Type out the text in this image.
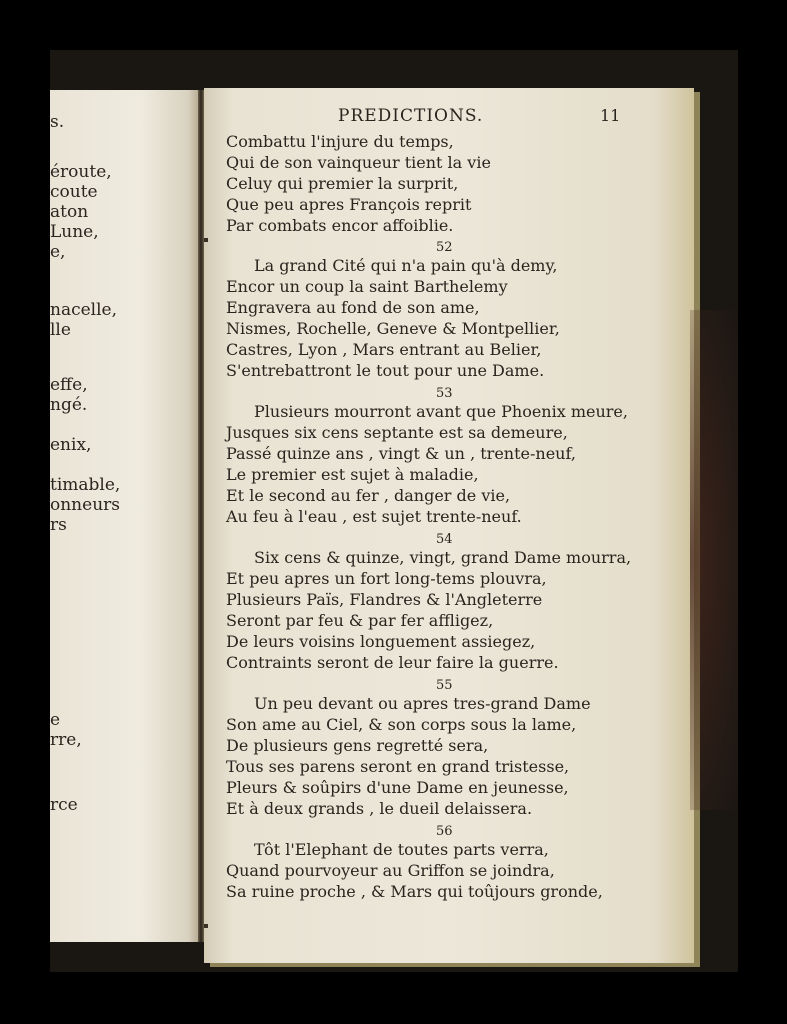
s.
éroute,
coute
aton
Lune,
e,
nacelle,
lle
effe,
ngé.
enix,
timable,
onneurs
rs
e
rre,
rce
PREDICTIONS.	11
Combattu l'injure du temps,
Qui de son vainqueur tient la vie
Celuy qui premier la surprit,
Que peu apres François reprit
Par combats encor affoiblie.
52
La grand Cité qui n'a pain qu'à demy,
Encor un coup la saint Barthelemy
Engravera au fond de son ame,
Nismes, Rochelle, Geneve & Montpellier,
Castres, Lyon , Mars entrant au Belier,
S'entrebattront le tout pour une Dame.
53
Plusieurs mourront avant que Phoenix meure,
Jusques six cens septante est sa demeure,
Passé quinze ans , vingt & un , trente-neuf,
Le premier est sujet à maladie,
Et le second au fer , danger de vie,
Au feu à l'eau , est sujet trente-neuf.
54
Six cens & quinze, vingt, grand Dame mourra,
Et peu apres un fort long-tems plouvra,
Plusieurs Païs, Flandres & l'Angleterre
Seront par feu & par fer affligez,
De leurs voisins longuement assiegez,
Contraints seront de leur faire la guerre.
55
Un peu devant ou apres tres-grand Dame
Son ame au Ciel, & son corps sous la lame,
De plusieurs gens regretté sera,
Tous ses parens seront en grand tristesse,
Pleurs & soûpirs d'une Dame en jeunesse,
Et à deux grands , le dueil delaissera.
56
Tôt l'Elephant de toutes parts verra,
Quand pourvoyeur au Griffon se joindra,
Sa ruine proche , & Mars qui toûjours gronde,
